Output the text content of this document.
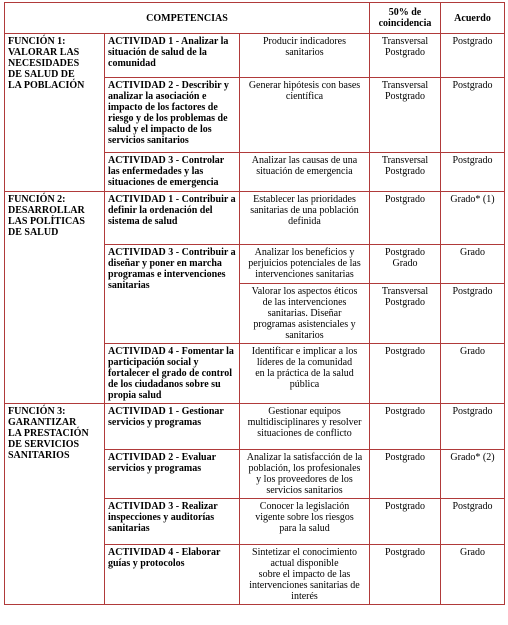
COMPETENCIAS			50% de
coincidencia	Acuerdo

FUNCIÓN 1:
VALORAR LAS
NECESIDADES
DE SALUD DE
LA POBLACIÓN	ACTIVIDAD 1 - Analizar la situación de salud de la comunidad	Producir indicadores
sanitarios	Transversal
Postgrado	Postgrado

	ACTIVIDAD 2 - Describir y analizar la asociación e impacto de los factores de riesgo y de los problemas de salud y el impacto de los servicios sanitarios	Generar hipótesis con bases
científica	Transversal
Postgrado	Postgrado

	ACTIVIDAD 3 - Controlar las enfermedades y las situaciones de emergencia	Analizar las causas de una
situación de emergencia	Transversal
Postgrado	Postgrado

FUNCIÓN 2:
DESARROLLAR
LAS POLÍTICAS
DE SALUD	ACTIVIDAD 1 - Contribuir a definir la ordenación del sistema de salud	Establecer las prioridades
sanitarias de una población
definida	Postgrado	Grado* (1)

	ACTIVIDAD 3 - Contribuir a diseñar y poner en marcha programas e intervenciones sanitarias	Analizar los beneficios y
perjuicios potenciales de las
intervenciones sanitarias	Postgrado
Grado	Grado

		Valorar los aspectos éticos
de las intervenciones
sanitarias. Diseñar
programas asistenciales y
sanitarios	Transversal
Postgrado	Postgrado

	ACTIVIDAD 4 - Fomentar la participación social y fortalecer el grado de control de los ciudadanos sobre su propia salud	Identificar e implicar a los
líderes de la comunidad
en la práctica de la salud
pública	Postgrado	Grado

FUNCIÓN 3:
GARANTIZAR
LA PRESTACIÓN
DE SERVICIOS
SANITARIOS	ACTIVIDAD 1 - Gestionar servicios y programas	Gestionar equipos
multidisciplinares y resolver
situaciones de conflicto	Postgrado	Postgrado

	ACTIVIDAD 2 - Evaluar servicios y programas	Analizar la satisfacción de la
población, los profesionales
y los proveedores de los
servicios sanitarios	Postgrado	Grado* (2)

	ACTIVIDAD 3 - Realizar inspecciones y auditorías sanitarias	Conocer la legislación
vigente sobre los riesgos
para la salud	Postgrado	Postgrado

	ACTIVIDAD 4 - Elaborar guías y protocolos	Sintetizar el conocimiento
actual disponible
sobre el impacto de las
intervenciones sanitarias de
interés	Postgrado	Grado
